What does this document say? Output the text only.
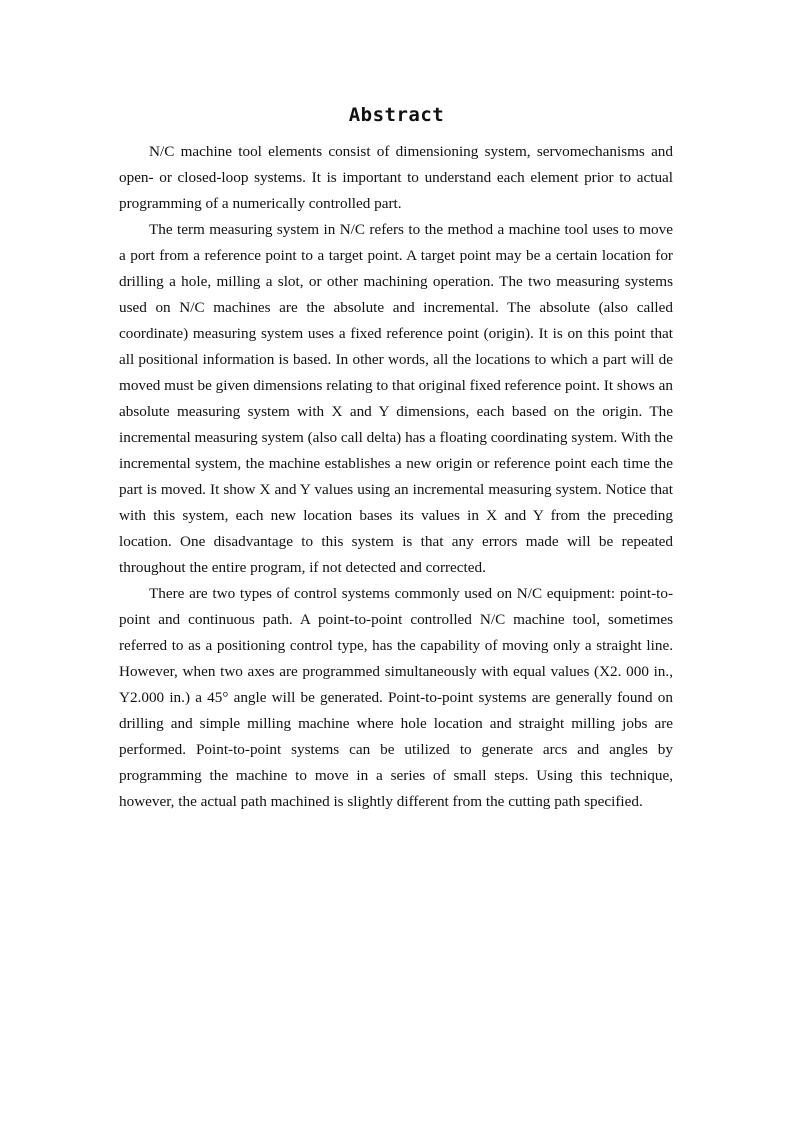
Abstract

N/C machine tool elements consist of dimensioning system, servomechanisms and open- or closed-loop systems. It is important to understand each element prior to actual programming of a numerically controlled part.

The term measuring system in N/C refers to the method a machine tool uses to move a port from a reference point to a target point. A target point may be a certain location for drilling a hole, milling a slot, or other machining operation. The two measuring systems used on N/C machines are the absolute and incremental. The absolute (also called coordinate) measuring system uses a fixed reference point (origin). It is on this point that all positional information is based. In other words, all the locations to which a part will de moved must be given dimensions relating to that original fixed reference point. It shows an absolute measuring system with X and Y dimensions, each based on the origin. The incremental measuring system (also call delta) has a floating coordinating system. With the incremental system, the machine establishes a new origin or reference point each time the part is moved. It show X and Y values using an incremental measuring system. Notice that with this system, each new location bases its values in X and Y from the preceding location. One disadvantage to this system is that any errors made will be repeated throughout the entire program, if not detected and corrected.

There are two types of control systems commonly used on N/C equipment: point-to-point and continuous path. A point-to-point controlled N/C machine tool, sometimes referred to as a positioning control type, has the capability of moving only a straight line. However, when two axes are programmed simultaneously with equal values (X2. 000 in., Y2.000 in.) a 45° angle will be generated. Point-to-point systems are generally found on drilling and simple milling machine where hole location and straight milling jobs are performed. Point-to-point systems can be utilized to generate arcs and angles by programming the machine to move in a series of small steps. Using this technique, however, the actual path machined is slightly different from the cutting path specified.
